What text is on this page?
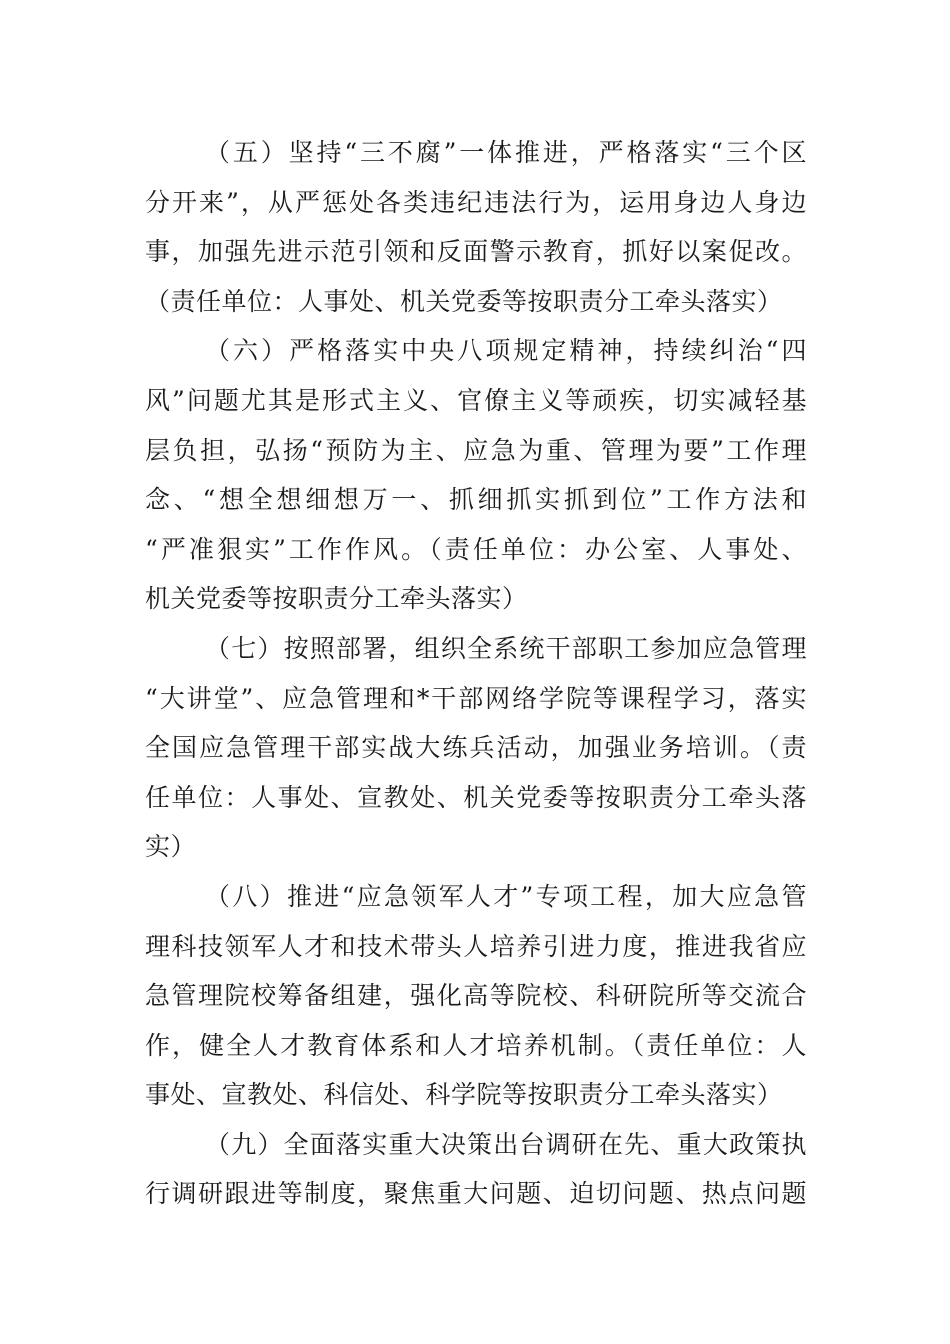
（五）坚持“三不腐”一体推进，严格落实“三个区
分开来”，从严惩处各类违纪违法行为，运用身边人身边
事，加强先进示范引领和反面警示教育，抓好以案促改。
（责任单位：人事处、机关党委等按职责分工牵头落实）
（六）严格落实中央八项规定精神，持续纠治“四
风”问题尤其是形式主义、官僚主义等顽疾，切实减轻基
层负担，弘扬“预防为主、应急为重、管理为要”工作理
念、“想全想细想万一、抓细抓实抓到位”工作方法和
“严准狠实”工作作风。（责任单位：办公室、人事处、
机关党委等按职责分工牵头落实）
（七）按照部署，组织全系统干部职工参加应急管理
“大讲堂”、应急管理和*干部网络学院等课程学习，落实
全国应急管理干部实战大练兵活动，加强业务培训。（责
任单位：人事处、宣教处、机关党委等按职责分工牵头落
实）
（八）推进“应急领军人才”专项工程，加大应急管
理科技领军人才和技术带头人培养引进力度，推进我省应
急管理院校筹备组建，强化高等院校、科研院所等交流合
作，健全人才教育体系和人才培养机制。（责任单位：人
事处、宣教处、科信处、科学院等按职责分工牵头落实）
（九）全面落实重大决策出台调研在先、重大政策执
行调研跟进等制度，聚焦重大问题、迫切问题、热点问题
